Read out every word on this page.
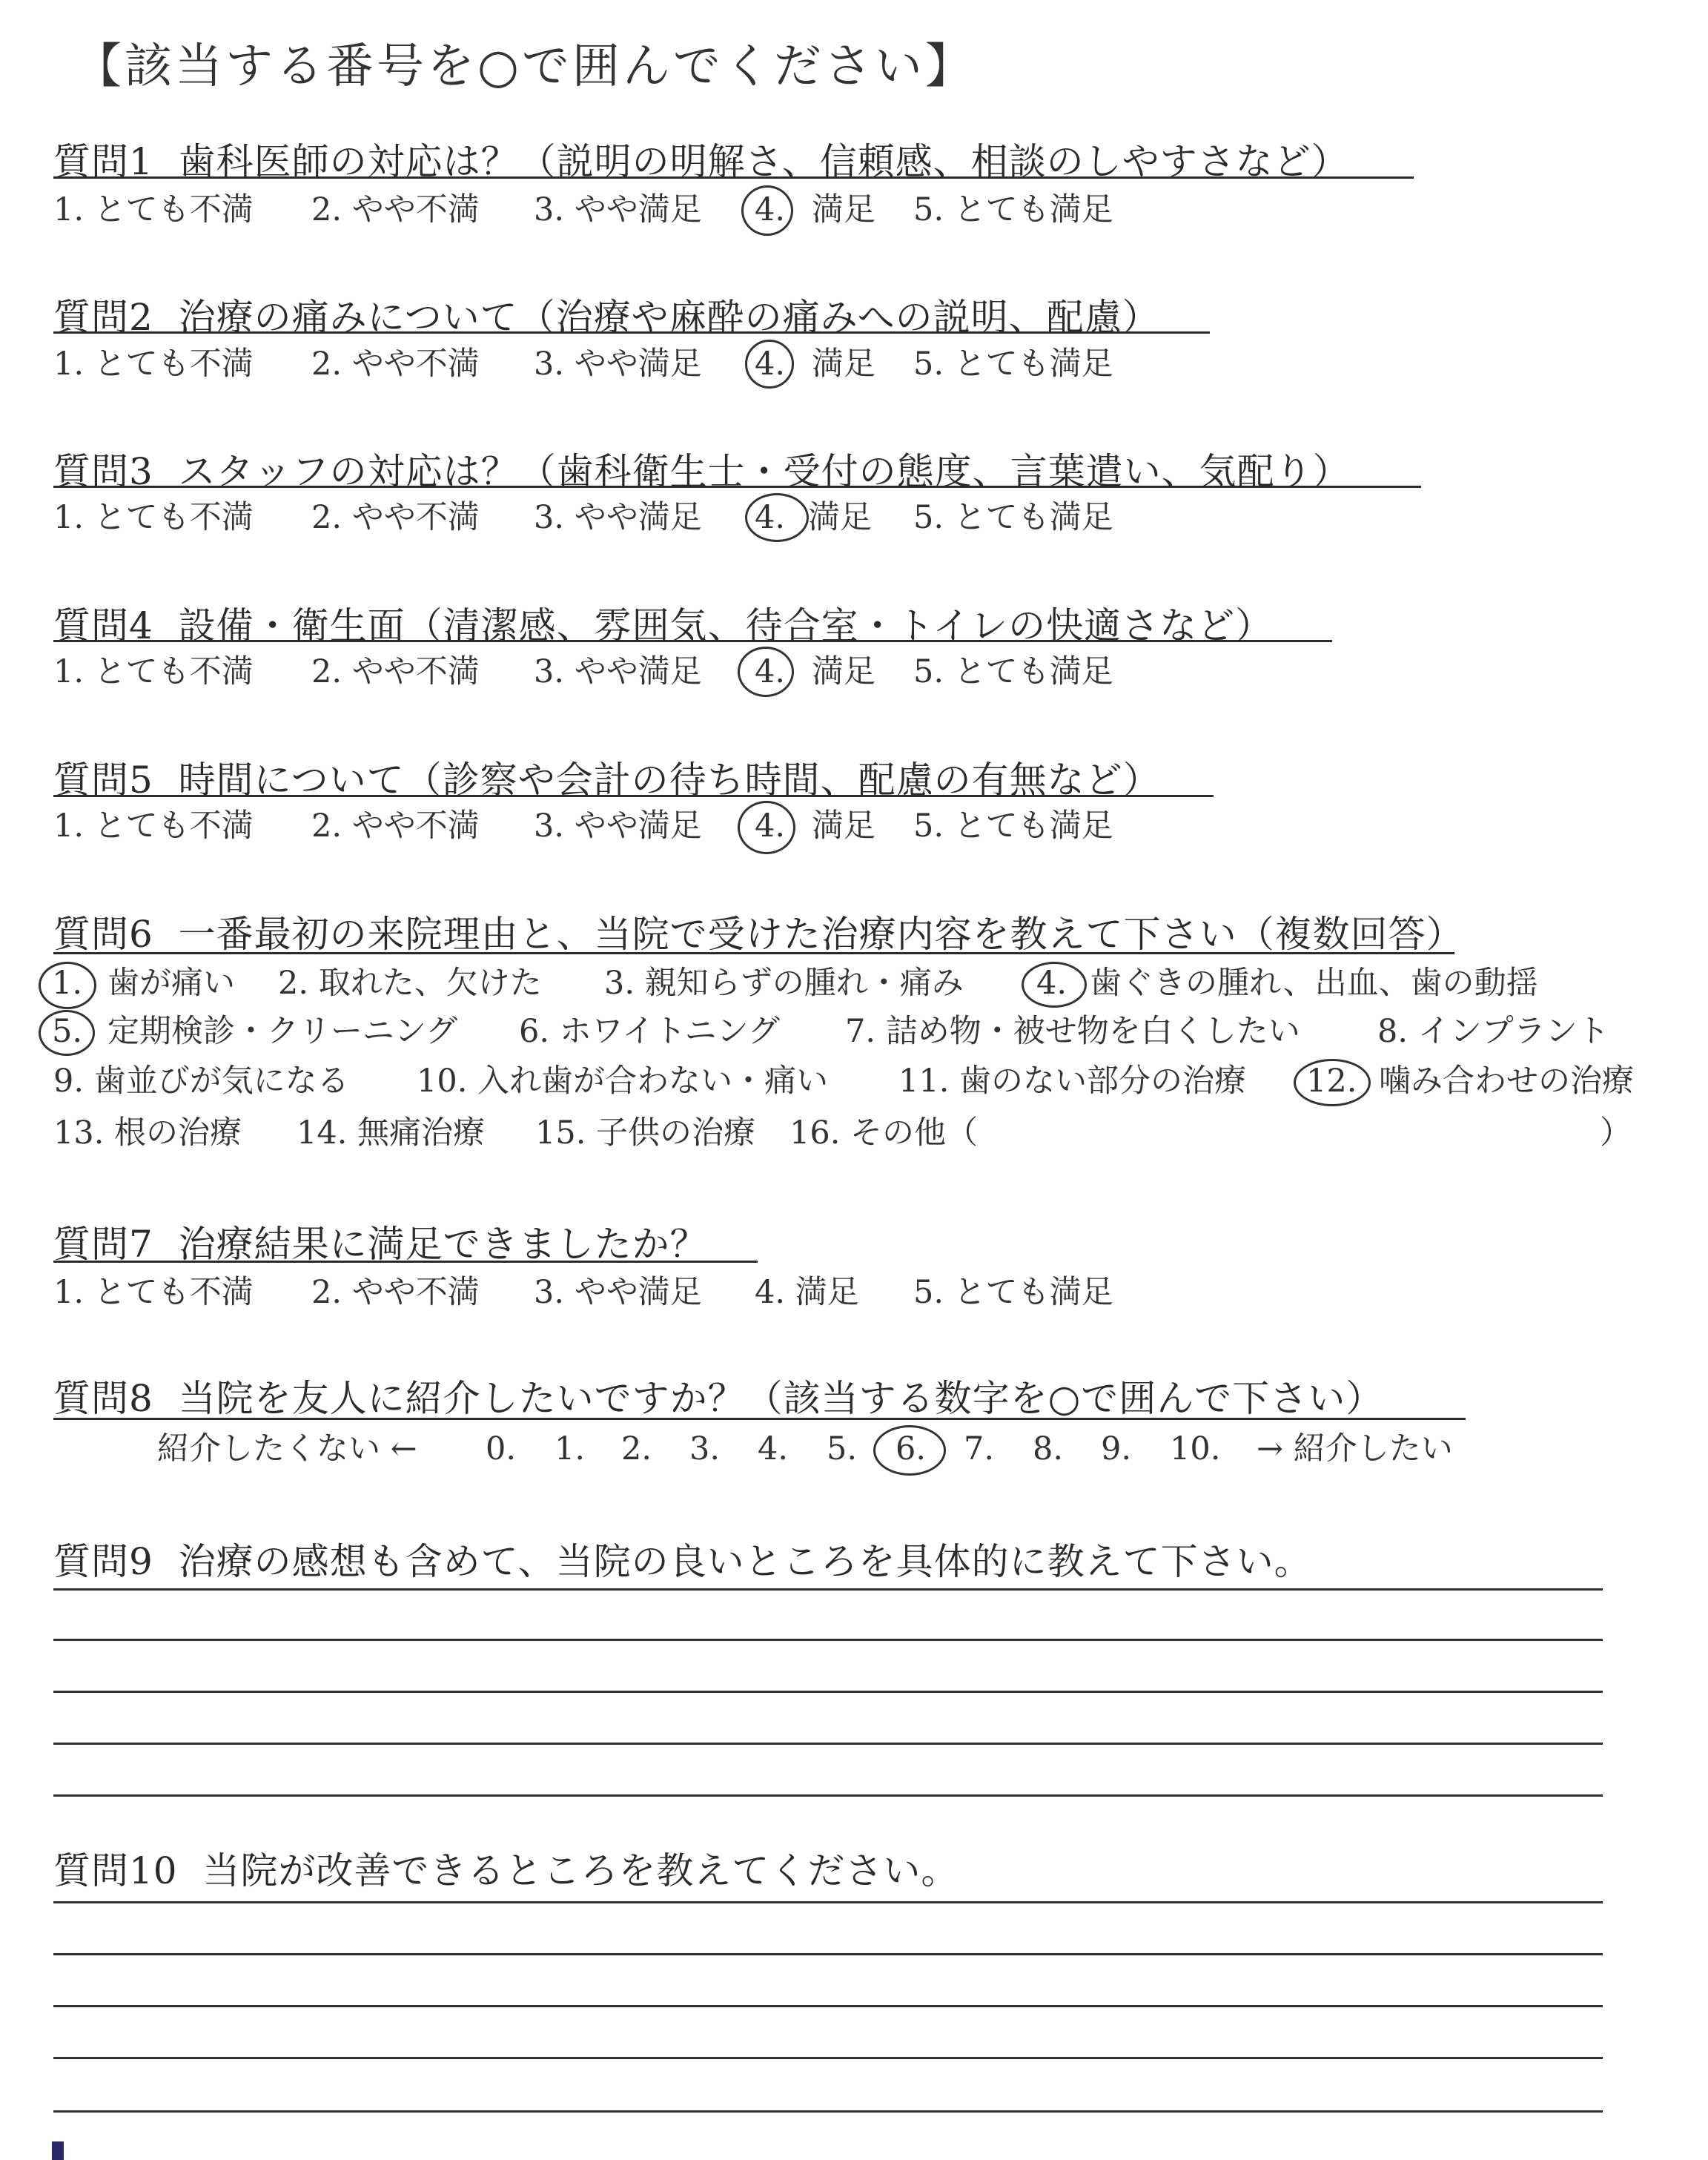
【該当する番号を○で囲んでください】
質問1 歯科医師の対応は？（説明の明解さ、信頼感、相談のしやすさなど）
1. とても不満 2. やや不満 3. やや満足 4. 満足 5. とても満足
質問2 治療の痛みについて（治療や麻酔の痛みへの説明、配慮）
1. とても不満 2. やや不満 3. やや満足 4. 満足 5. とても満足
質問3 スタッフの対応は？（歯科衛生士・受付の態度、言葉遣い、気配り）
1. とても不満 2. やや不満 3. やや満足 4. 満足 5. とても満足
質問4 設備・衛生面（清潔感、雰囲気、待合室・トイレの快適さなど）
1. とても不満 2. やや不満 3. やや満足 4. 満足 5. とても満足
質問5 時間について（診察や会計の待ち時間、配慮の有無など）
1. とても不満 2. やや不満 3. やや満足 4. 満足 5. とても満足
質問6 一番最初の来院理由と、当院で受けた治療内容を教えて下さい（複数回答）
1. 歯が痛い 2. 取れた、欠けた 3. 親知らずの腫れ・痛み 4. 歯ぐきの腫れ、出血、歯の動揺
5. 定期検診・クリーニング 6. ホワイトニング 7. 詰め物・被せ物を白くしたい 8. インプラント
9. 歯並びが気になる 10. 入れ歯が合わない・痛い 11. 歯のない部分の治療 12. 噛み合わせの治療
13. 根の治療 14. 無痛治療 15. 子供の治療 16. その他（	）
質問7 治療結果に満足できましたか？
1. とても不満 2. やや不満 3. やや満足 4. 満足 5. とても満足
質問8 当院を友人に紹介したいですか？（該当する数字を○で囲んで下さい）
紹介したくない ← 0. 1. 2. 3. 4. 5. 6. 7. 8. 9. 10. → 紹介したい
質問9 治療の感想も含めて、当院の良いところを具体的に教えて下さい。
質問10 当院が改善できるところを教えてください。
